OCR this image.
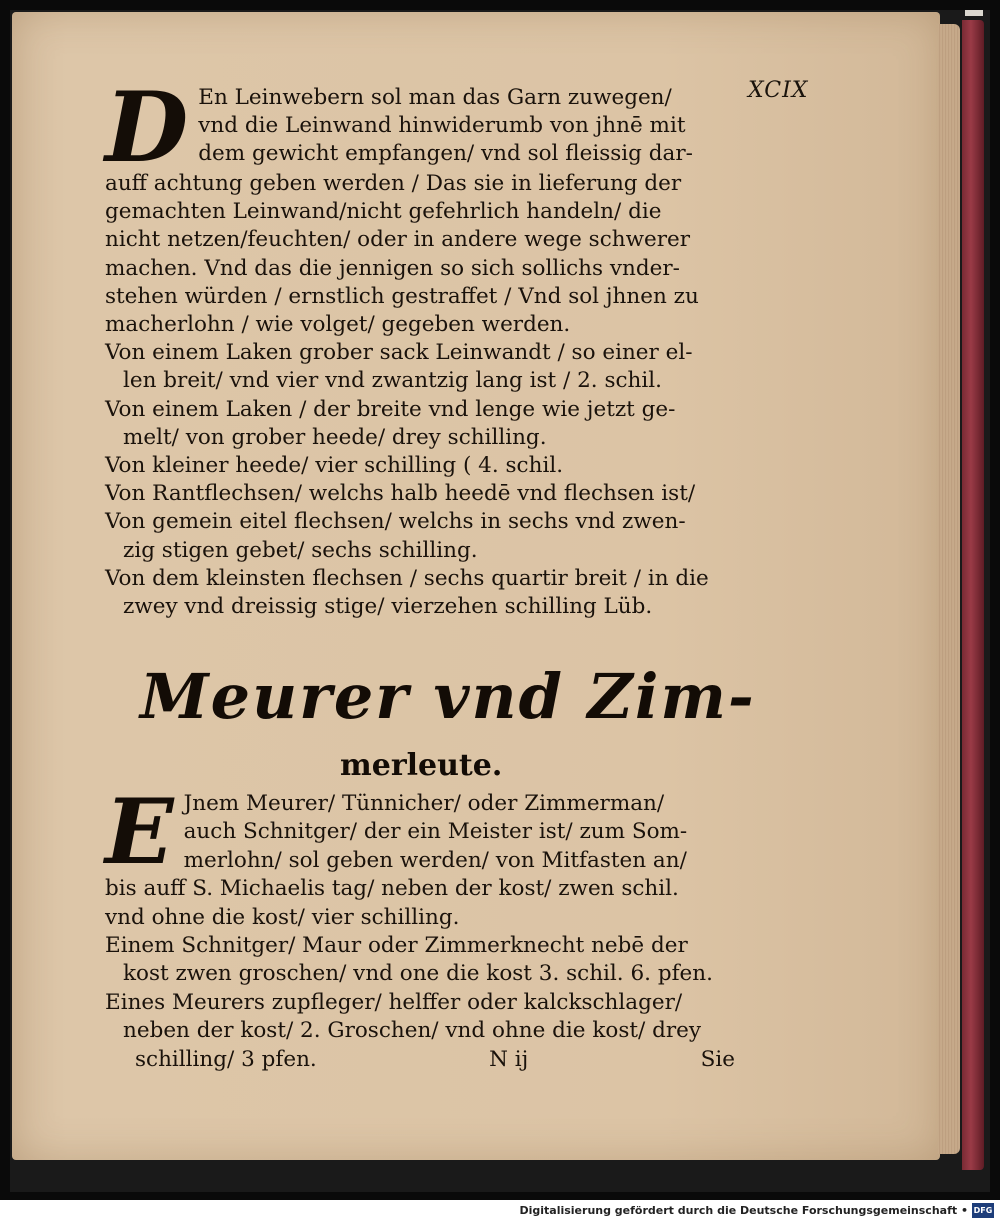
XCIX
D En Leinwebern sol man das Garn zuwegen/
vnd die Leinwand hinwiderumb von jhnē mit
dem gewicht empfangen/ vnd sol fleissig dar-
auff achtung geben werden / Das sie in lieferung der
gemachten Leinwand/nicht gefehrlich handeln/ die
nicht netzen/feuchten/ oder in andere wege schwerer
machen. Vnd das die jennigen so sich sollichs vnder-
stehen würden / ernstlich gestraffet / Vnd sol jhnen zu
macherlohn / wie volget/ gegeben werden.
Von einem Laken grober sack Leinwandt / so einer el-
len breit/ vnd vier vnd zwantzig lang ist / 2. schil.
Von einem Laken / der breite vnd lenge wie jetzt ge-
melt/ von grober heede/ drey schilling.
Von kleiner heede/ vier schilling ( 4. schil.
Von Rantflechsen/ welchs halb heedē vnd flechsen ist/
Von gemein eitel flechsen/ welchs in sechs vnd zwen-
zig stigen gebet/ sechs schilling.
Von dem kleinsten flechsen / sechs quartir breit / in die
zwey vnd dreissig stige/ vierzehen schilling Lüb.
Meurer vnd Zim-
merleute.
E Jnem Meurer/ Tünnicher/ oder Zimmerman/
auch Schnitger/ der ein Meister ist/ zum Som-
merlohn/ sol geben werden/ von Mitfasten an/
bis auff S. Michaelis tag/ neben der kost/ zwen schil.
vnd ohne die kost/ vier schilling.
Einem Schnitger/ Maur oder Zimmerknecht nebē der
kost zwen groschen/ vnd one die kost 3. schil. 6. pfen.
Eines Meurers zupfleger/ helffer oder kalckschlager/
neben der kost/ 2. Groschen/ vnd ohne die kost/ drey
schilling/ 3 pfen.	N ij	Sie
Digitalisierung gefördert durch die Deutsche Forschungsgemeinschaft • DFG
